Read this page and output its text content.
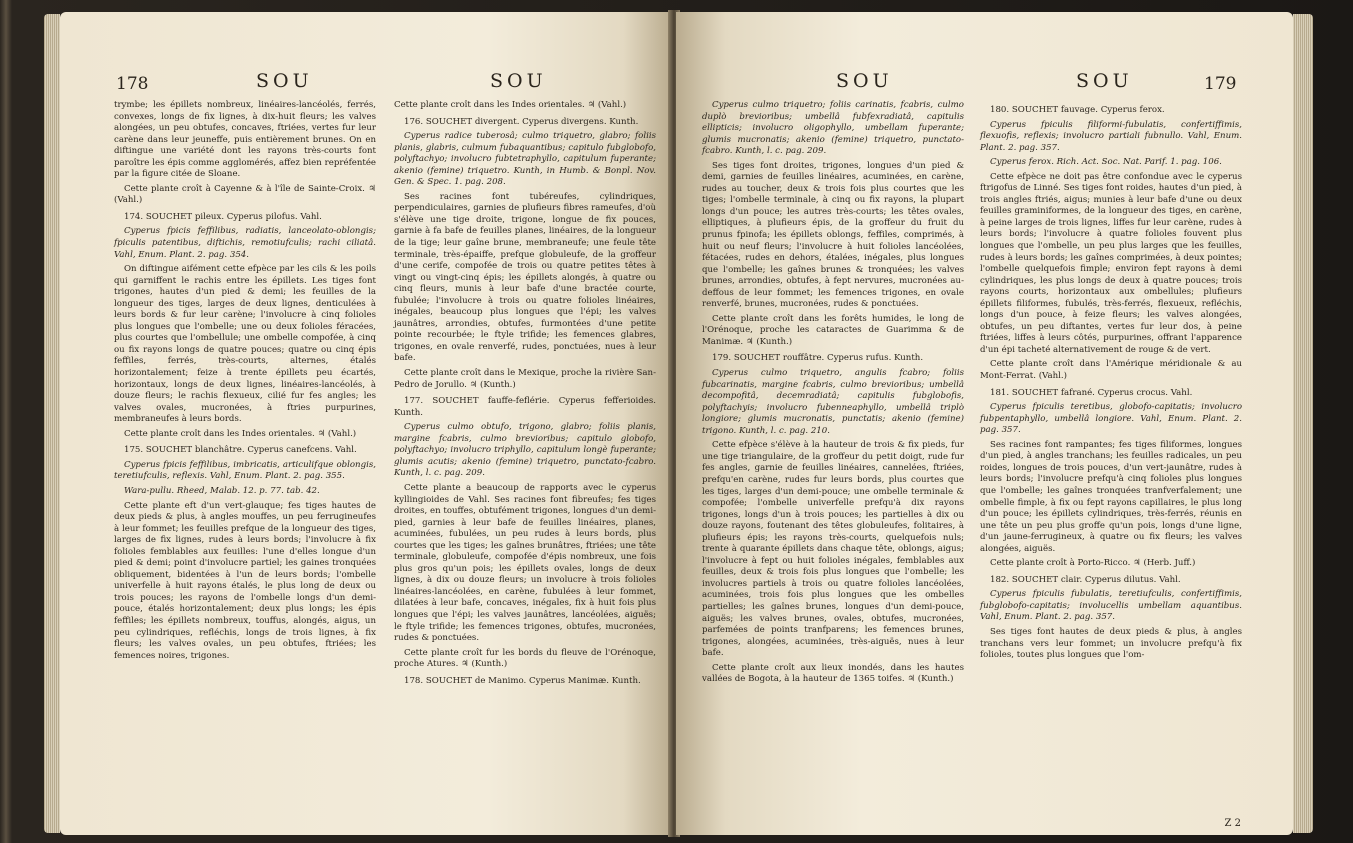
178	SOU	SOU

trymbe; les épillets nombreux, linéaires-lancéolés, ferrés, convexes, longs de fix lignes, à dix-huit fleurs; les valves alongées, un peu obtufes, concaves, ftriées, vertes fur leur carène dans leur jeuneffe, puis entièrement brunes. On en diftingue une variété dont les rayons très-courts font paroître les épis comme agglomérés, affez bien repréfentée par la figure citée de Sloane.

Cette plante croît à Cayenne & à l'île de Sainte-Croix. ♃ (Vahl.)

174. SOUCHET pileux. Cyperus pilofus. Vahl.

Cyperus fpicis feffilibus, radiatis, lanceolato-oblongis; fpiculis patentibus, diftichis, remotiufculis; rachi ciliatâ. Vahl, Enum. Plant. 2. pag. 354.

On diftingue aifément cette efpèce par les cils & les poils qui garniffent le rachis entre les épillets. Les tiges font trigones, hautes d'un pied & demi; les feuilles de la longueur des tiges, larges de deux lignes, denticulées à leurs bords & fur leur carène; l'involucre à cinq folioles plus longues que l'ombelle; une ou deux folioles féracées, plus courtes que l'ombellule; une ombelle compofée, à cinq ou fix rayons longs de quatre pouces; quatre ou cinq épis feffiles, ferrés, très-courts, alternes, étalés horizontalement; feize à trente épillets peu écartés, horizontaux, longs de deux lignes, linéaires-lancéolés, à douze fleurs; le rachis flexueux, cilié fur fes angles; les valves ovales, mucronées, à ftries purpurines, membraneufes à leurs bords.

Cette plante croît dans les Indes orientales. ♃ (Vahl.)

175. SOUCHET blanchâtre. Cyperus canefcens. Vahl.

Cyperus fpicis feffilibus, imbricatis, articulifque oblongis, teretiufculis, reflexis. Vahl, Enum. Plant. 2. pag. 355.

Wara-pullu. Rheed, Malab. 12. p. 77. tab. 42.

Cette plante eft d'un vert-glauque; fes tiges hautes de deux pieds & plus, à angles mouffes, un peu ferrugineufes à leur fommet; les feuilles prefque de la longueur des tiges, larges de fix lignes, rudes à leurs bords; l'involucre à fix folioles femblables aux feuilles: l'une d'elles longue d'un pied & demi; point d'involucre partiel; les gaines tronquées obliquement, bidentées à l'un de leurs bords; l'ombelle univerfelle à huit rayons étalés, le plus long de deux ou trois pouces; les rayons de l'ombelle longs d'un demi-pouce, étalés horizontalement; deux plus longs; les épis feffiles; les épillets nombreux, touffus, alongés, aigus, un peu cylindriques, refléchis, longs de trois lignes, à fix fleurs; les valves ovales, un peu obtufes, ftriées; les femences noires, trigones.

Cette plante croît dans les Indes orientales. ♃ (Vahl.)

176. SOUCHET divergent. Cyperus divergens. Kunth.

Cyperus radice tuberosâ; culmo triquetro, glabro; foliis planis, glabris, culmum fubaquantibus; capitulo fubglobofo, polyftachyo; involucro fubtetraphyllo, capitulum fuperante; akenio (femine) triquetro. Kunth, in Humb. & Bonpl. Nov. Gen. & Spec. 1. pag. 208.

Ses racines font tubéreufes, cylindriques, perpendiculaires, garnies de plufieurs fibres rameufes, d'où s'élève une tige droite, trigone, longue de fix pouces, garnie à fa bafe de feuilles planes, linéaires, de la longueur de la tige; leur gaîne brune, membraneufe; une feule tête terminale, très-épaiffe, prefque globuleufe, de la groffeur d'une cerife, compofée de trois ou quatre petites têtes à vingt ou vingt-cinq épis; les épillets alongés, à quatre ou cinq fleurs, munis à leur bafe d'une bractée courte, fubulée; l'involucre à trois ou quatre folioles linéaires, inégales, beaucoup plus longues que l'épi; les valves jaunâtres, arrondies, obtufes, furmontées d'une petite pointe recourbée; le ftyle trifide; les femences glabres, trigones, en ovale renverfé, rudes, ponctuées, nues à leur bafe.

Cette plante croît dans le Mexique, proche la rivière San-Pedro de Jorullo. ♃ (Kunth.)

177. SOUCHET fauffe-feflérie. Cyperus fefferioides. Kunth.

Cyperus culmo obtufo, trigono, glabro; foliis planis, margine fcabris, culmo brevioribus; capitulo globofo, polyftachyo; involucro triphyllo, capitulum longè fuperante; glumis acutis; akenio (femine) triquetro, punctato-fcabro. Kunth, l. c. pag. 209.

Cette plante a beaucoup de rapports avec le cyperus kyllingioides de Vahl. Ses racines font fibreufes; fes tiges droites, en touffes, obtufément trigones, longues d'un demi-pied, garnies à leur bafe de feuilles linéaires, planes, acuminées, fubulées, un peu rudes à leurs bords, plus courtes que les tiges; les gaînes brunâtres, ftriées; une tête terminale, globuleufe, compofée d'épis nombreux, une fois plus gros qu'un pois; les épillets ovales, longs de deux lignes, à dix ou douze fleurs; un involucre à trois folioles linéaires-lancéolées, en carène, fubulées à leur fommet, dilatées à leur bafe, concaves, inégales, fix à huit fois plus longues que l'épi; les valves jaunâtres, lancéolées, aiguës; le ftyle trifide; les femences trigones, obtufes, mucronées, rudes & ponctuées.

Cette plante croît fur les bords du fleuve de l'Orénoque, proche Atures. ♃ (Kunth.)

178. SOUCHET de Manimo. Cyperus Manimæ. Kunth.

SOU	SOU	179

Cyperus culmo triquetro; foliis carinatis, fcabris, culmo duplò brevioribus; umbellâ fubfexradiatâ, capitulis ellipticis; involucro oligophyllo, umbellam fuperante; glumis mucronatis; akenio (femine) triquetro, punctato-fcabro. Kunth, l. c. pag. 209.

Ses tiges font droites, trigones, longues d'un pied & demi, garnies de feuilles linéaires, acuminées, en carène, rudes au toucher, deux & trois fois plus courtes que les tiges; l'ombelle terminale, à cinq ou fix rayons, la plupart longs d'un pouce; les autres très-courts; les têtes ovales, elliptiques, à plufieurs épis, de la groffeur du fruit du prunus fpinofa; les épillets oblongs, feffiles, comprimés, à huit ou neuf fleurs; l'involucre à huit folioles lancéolées, fétacées, rudes en dehors, étalées, inégales, plus longues que l'ombelle; les gaînes brunes & tronquées; les valves brunes, arrondies, obtufes, à fept nervures, mucronées au-deffous de leur fommet; les femences trigones, en ovale renverfé, brunes, mucronées, rudes & ponctuées.

Cette plante croît dans les forêts humides, le long de l'Orénoque, proche les cataractes de Guarimma & de Manimæ. ♃ (Kunth.)

179. SOUCHET rouffâtre. Cyperus rufus. Kunth.

Cyperus culmo triquetro, angulis fcabro; foliis fubcarinatis, margine fcabris, culmo brevioribus; umbellâ decompofitâ, decemradiatâ; capitulis fubglobofis, polyftachyis; involucro fubenneaphyllo, umbellâ triplò longiore; glumis mucronatis, punctatis; akenio (femine) trigono. Kunth, l. c. pag. 210.

Cette efpèce s'élève à la hauteur de trois & fix pieds, fur une tige triangulaire, de la groffeur du petit doigt, rude fur fes angles, garnie de feuilles linéaires, cannelées, ftriées, prefqu'en carène, rudes fur leurs bords, plus courtes que les tiges, larges d'un demi-pouce; une ombelle terminale & compofée; l'ombelle univerfelle prefqu'à dix rayons trigones, longs d'un à trois pouces; les partielles à dix ou douze rayons, foutenant des têtes globuleufes, folitaires, à plufieurs épis; les rayons très-courts, quelquefois nuls; trente à quarante épillets dans chaque tête, oblongs, aigus; l'involucre à fept ou huit folioles inégales, femblables aux feuilles, deux & trois fois plus longues que l'ombelle; les involucres partiels à trois ou quatre folioles lancéolées, acuminées, trois fois plus longues que les ombelles partielles; les gaînes brunes, longues d'un demi-pouce, aiguës; les valves brunes, ovales, obtufes, mucronées, parfemées de points tranfparens; les femences brunes, trigones, alongées, acuminées, très-aiguës, nues à leur bafe.

Cette plante croît aux lieux inondés, dans les hautes vallées de Bogota, à la hauteur de 1365 toifes. ♃ (Kunth.)

180. SOUCHET fauvage. Cyperus ferox.

Cyperus fpiculis filiformi-fubulatis, confertiffimis, flexuofis, reflexis; involucro partiali fubnullo. Vahl, Enum. Plant. 2. pag. 357.

Cyperus ferox. Rich. Act. Soc. Nat. Parif. 1. pag. 106.

Cette efpèce ne doit pas être confondue avec le cyperus ftrigofus de Linné. Ses tiges font roides, hautes d'un pied, à trois angles ftriés, aigus; munies à leur bafe d'une ou deux feuilles graminiformes, de la longueur des tiges, en carène, à peine larges de trois lignes, liffes fur leur carène, rudes à leurs bords; l'involucre à quatre folioles fouvent plus longues que l'ombelle, un peu plus larges que les feuilles, rudes à leurs bords; les gaînes comprimées, à deux pointes; l'ombelle quelquefois fimple; environ fept rayons à demi cylindriques, les plus longs de deux à quatre pouces; trois rayons courts, horizontaux aux ombellules; plufieurs épillets filiformes, fubulés, très-ferrés, flexueux, refléchis, longs d'un pouce, à feize fleurs; les valves alongées, obtufes, un peu diftantes, vertes fur leur dos, à peine ftriées, liffes à leurs côtés, purpurines, offrant l'apparence d'un épi tacheté alternativement de rouge & de vert.

Cette plante croît dans l'Amérique méridionale & au Mont-Ferrat. (Vahl.)

181. SOUCHET fafrané. Cyperus crocus. Vahl.

Cyperus fpiculis teretibus, globofo-capitatis; involucro fubpentaphyllo, umbellâ longiore. Vahl, Enum. Plant. 2. pag. 357.

Ses racines font rampantes; fes tiges filiformes, longues d'un pied, à angles tranchans; les feuilles radicales, un peu roides, longues de trois pouces, d'un vert-jaunâtre, rudes à leurs bords; l'involucre prefqu'à cinq folioles plus longues que l'ombelle; les gaînes tronquées tranfverfalement; une ombelle fimple, à fix ou fept rayons capillaires, le plus long d'un pouce; les épillets cylindriques, très-ferrés, réunis en une tête un peu plus groffe qu'un pois, longs d'une ligne, d'un jaune-ferrugineux, à quatre ou fix fleurs; les valves alongées, aiguës.

Cette plante croît à Porto-Ricco. ♃ (Herb. Juff.)

182. SOUCHET clair. Cyperus dilutus. Vahl.

Cyperus fpiculis fubulatis, teretiufculis, confertiffimis, fubglobofo-capitatis; involucellis umbellam aquantibus. Vahl, Enum. Plant. 2. pag. 357.

Ses tiges font hautes de deux pieds & plus, à angles tranchans vers leur fommet; un involucre prefqu'à fix folioles, toutes plus longues que l'om-

Z 2
